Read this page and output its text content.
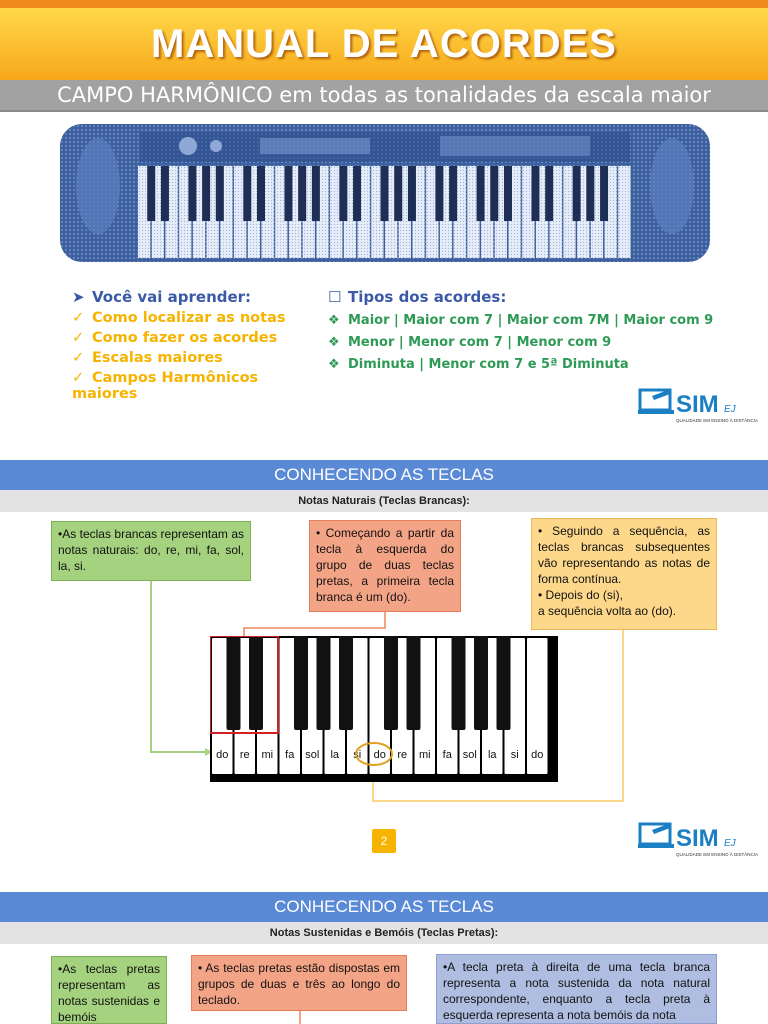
MANUAL DE ACORDES
CAMPO HARMÔNICO em todas as tonalidades da escala maior
➤ Você vai aprender:
✓ Como localizar as notas
✓ Como fazer os acordes
✓ Escalas maiores
✓ Campos Harmônicos maiores
☐ Tipos dos acordes:
❖ Maior | Maior com 7 | Maior com 7M | Maior com 9
❖ Menor | Menor com 7 | Menor com 9
❖ Diminuta | Menor com 7 e 5ª Diminuta
SIM EJ
QUALIDADE EM ENSINO À DISTÂNCIA
CONHECENDO AS TECLAS
Notas Naturais (Teclas Brancas):
•As teclas brancas representam as notas naturais: do, re, mi, fa, sol, la, si.
• Começando a partir da tecla à esquerda do grupo de duas teclas pretas, a primeira tecla branca é um (do).
• Seguindo a sequência, as teclas brancas subsequentes vão representando as notas de forma contínua.
• Depois do (si),
a sequência volta ao (do).
do re mi fa sol la si do re mi fa sol la si do
2	SIM EJ
QUALIDADE EM ENSINO À DISTÂNCIA
CONHECENDO AS TECLAS
Notas Sustenidas e Bemóis (Teclas Pretas):
•As teclas pretas representam as notas sustenidas e bemóis
• As teclas pretas estão dispostas em grupos de duas e três ao longo do teclado.
•A tecla preta à direita de uma tecla branca representa a nota sustenida da nota natural correspondente, enquanto a tecla preta à esquerda representa a nota bemóis da nota
